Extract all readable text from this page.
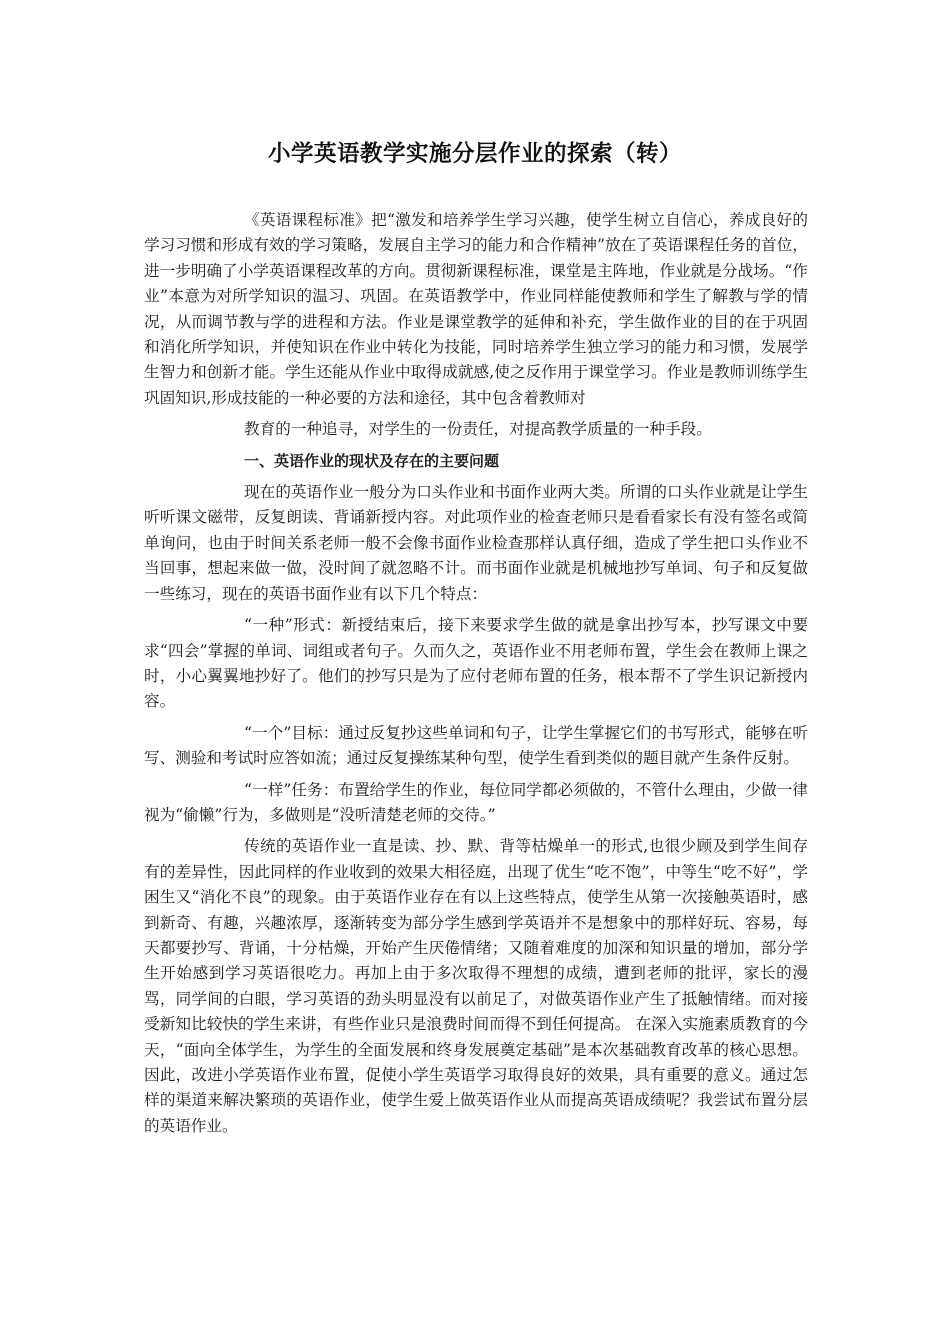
小学英语教学实施分层作业的探索（转）

《英语课程标准》把“激发和培养学生学习兴趣，使学生树立自信心，养成良好的学习习惯和形成有效的学习策略，发展自主学习的能力和合作精神”放在了英语课程任务的首位，进一步明确了小学英语课程改革的方向。贯彻新课程标准，课堂是主阵地，作业就是分战场。“作业”本意为对所学知识的温习、巩固。在英语教学中，作业同样能使教师和学生了解教与学的情况，从而调节教与学的进程和方法。作业是课堂教学的延伸和补充，学生做作业的目的在于巩固和消化所学知识，并使知识在作业中转化为技能，同时培养学生独立学习的能力和习惯，发展学生智力和创新才能。学生还能从作业中取得成就感,使之反作用于课堂学习。作业是教师训练学生巩固知识,形成技能的一种必要的方法和途径，其中包含着教师对

教育的一种追寻，对学生的一份责任，对提高教学质量的一种手段。

一、英语作业的现状及存在的主要问题

现在的英语作业一般分为口头作业和书面作业两大类。所谓的口头作业就是让学生听听课文磁带，反复朗读、背诵新授内容。对此项作业的检查老师只是看看家长有没有签名或简单询问，也由于时间关系老师一般不会像书面作业检查那样认真仔细，造成了学生把口头作业不当回事，想起来做一做，没时间了就忽略不计。而书面作业就是机械地抄写单词、句子和反复做一些练习，现在的英语书面作业有以下几个特点：

“一种”形式：新授结束后，接下来要求学生做的就是拿出抄写本，抄写课文中要求“四会”掌握的单词、词组或者句子。久而久之，英语作业不用老师布置，学生会在教师上课之时，小心翼翼地抄好了。他们的抄写只是为了应付老师布置的任务，根本帮不了学生识记新授内容。

“一个”目标：通过反复抄这些单词和句子，让学生掌握它们的书写形式，能够在听写、测验和考试时应答如流；通过反复操练某种句型，使学生看到类似的题目就产生条件反射。

“一样”任务：布置给学生的作业，每位同学都必须做的，不管什么理由，少做一律视为“偷懒”行为，多做则是“没听清楚老师的交待。”

传统的英语作业一直是读、抄、默、背等枯燥单一的形式,也很少顾及到学生间存有的差异性，因此同样的作业收到的效果大相径庭，出现了优生“吃不饱”，中等生“吃不好”，学困生又“消化不良”的现象。由于英语作业存在有以上这些特点，使学生从第一次接触英语时，感到新奇、有趣，兴趣浓厚，逐渐转变为部分学生感到学英语并不是想象中的那样好玩、容易，每天都要抄写、背诵，十分枯燥，开始产生厌倦情绪；又随着难度的加深和知识量的增加，部分学生开始感到学习英语很吃力。再加上由于多次取得不理想的成绩，遭到老师的批评，家长的漫骂，同学间的白眼，学习英语的劲头明显没有以前足了，对做英语作业产生了抵触情绪。而对接受新知比较快的学生来讲，有些作业只是浪费时间而得不到任何提高。 在深入实施素质教育的今天，“面向全体学生，为学生的全面发展和终身发展奠定基础”是本次基础教育改革的核心思想。因此，改进小学英语作业布置，促使小学生英语学习取得良好的效果，具有重要的意义。通过怎样的渠道来解决繁琐的英语作业，使学生爱上做英语作业从而提高英语成绩呢？我尝试布置分层的英语作业。
